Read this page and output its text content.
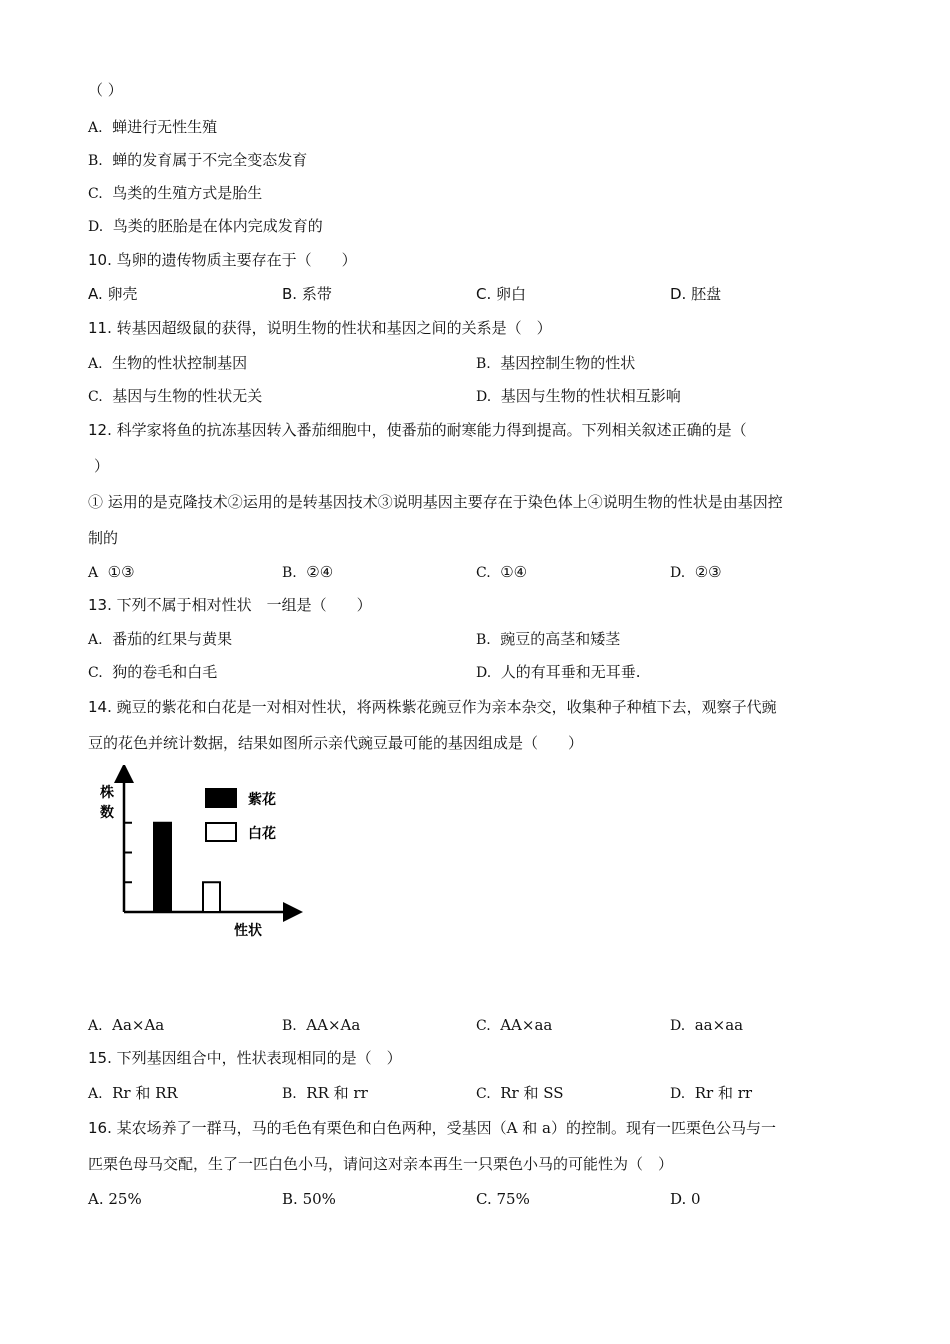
（ ）
A. 蝉进行无性生殖
B. 蝉的发育属于不完全变态发育
C. 鸟类的生殖方式是胎生
D. 鸟类的胚胎是在体内完成发育的
10. 鸟卵的遗传物质主要存在于（　　）
A. 卵壳	B. 系带	C. 卵白	D. 胚盘
11. 转基因超级鼠的获得，说明生物的性状和基因之间的关系是（　）
A. 生物的性状控制基因	B. 基因控制生物的性状
C. 基因与生物的性状无关	D. 基因与生物的性状相互影响
12. 科学家将鱼的抗冻基因转入番茄细胞中，使番茄的耐寒能力得到提高。下列相关叙述正确的是（
）
① 运用的是克隆技术②运用的是转基因技术③说明基因主要存在于染色体上④说明生物的性状是由基因控
制的
A ①③	B. ②④	C. ①④	D. ②③
13. 下列不属于相对性状　一组是（　　）
A. 番茄的红果与黄果	B. 豌豆的高茎和矮茎
C. 狗的卷毛和白毛	D. 人的有耳垂和无耳垂.
14. 豌豆的紫花和白花是一对相对性状，将两株紫花豌豆作为亲本杂交，收集种子种植下去，观察子代豌
豆的花色并统计数据，结果如图所示亲代豌豆最可能的基因组成是（　　）
株
数
性状
紫花
白花
A. Aa×Aa	B. AA×Aa	C. AA×aa	D. aa×aa
15. 下列基因组合中，性状表现相同的是（　）
A. Rr 和 RR	B. RR 和 rr	C. Rr 和 SS	D. Rr 和 rr
16. 某农场养了一群马，马的毛色有栗色和白色两种，受基因（A 和 a）的控制。现有一匹栗色公马与一
匹栗色母马交配，生了一匹白色小马，请问这对亲本再生一只栗色小马的可能性为（　）
A. 25%	B. 50%	C. 75%	D. 0
